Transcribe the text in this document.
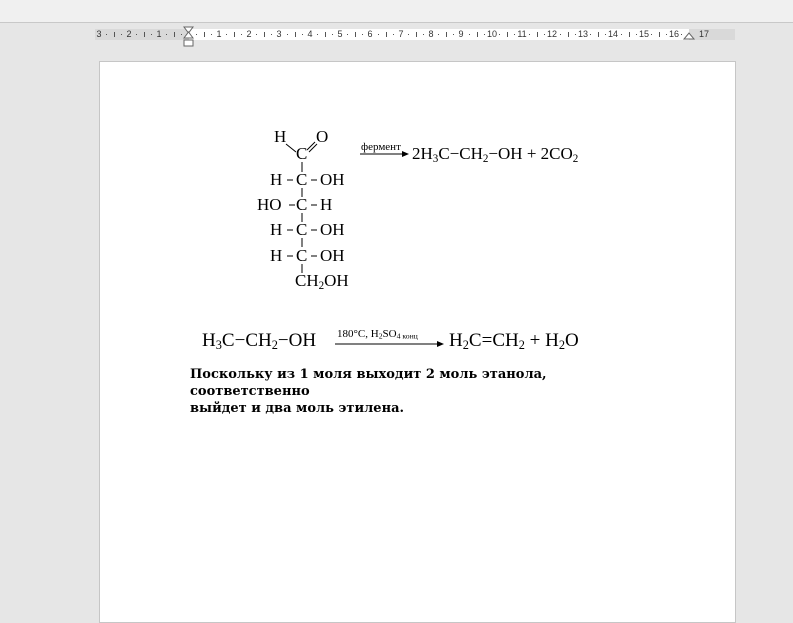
3	2	1	1	2	3	4	5	6	7	8	9	10 11 12 13 14 15 16 17
H O
C
H C OH
HO C H
H C OH
H C OH
$CH_2OH$
фермент $2H_3C-CH_2-OH + 2CO_2$
$H_3C-CH_2-OH$ 180°C, $H_2SO_{4 конц}$ $H_2C=CH_2 + H_2O$
Поскольку из 1 моля выходит 2 моль этанола, соответственно
выйдет и два моль этилена.
